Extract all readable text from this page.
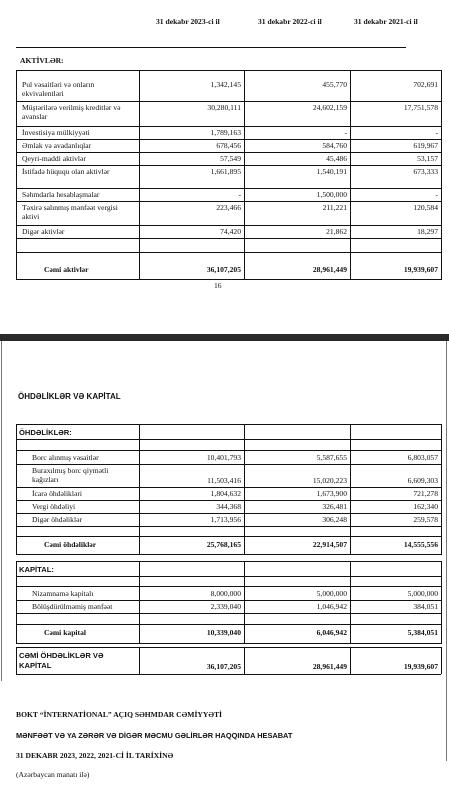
31 dekabr 2023-ci il	31 dekabr 2022-ci il	31 dekabr 2021-ci il
AKTİVLƏR:
Pul vəsaitləri və onların ekvivalentləri
1,342,145	455,770	702,691
Müştərilərə verilmiş kreditlər və avanslar
30,280,111	24,602,159	17,751,578
İnvestisiya mülkiyyəti	1,789,163	-	-
Əmlak və avadanlıqlar	678,456	584,760	619,967
Qeyri-maddi aktivlər	57,549	45,486	53,157
İstifadə hüququ olan aktivlər	1,661,895	1,540,191	673,333
Səhmdarla hesablaşmalar	-	1,500,000	-
Təxirə salınmış mənfəət vergisi aktivi
223,466	211,221	120,584
Digər aktivlər	74,420	21,862	18,297
Cəmi aktivlər	36,107,205	28,961,449	19,939,607
16
ÖHDƏLİKLƏR VƏ KAPİTAL
ÖHDƏLİKLƏR:
Borc alınmış vəsaitlər	10,401,793	5,587,655	6,803,057
Buraxılmış borc qiymətli kağızları	11,503,416	15,020,223	6,609,303
İcarə öhdəlikləri	1,804,632	1,673,900	721,278
Vergi öhdəliyi	344,368	326,481	162,340
Digər öhdəliklər	1,713,956	306,248	259,578
Cəmi öhdəliklər	25,768,165	22,914,507	14,555,556
KAPİTAL:
Nizamnamə kapitalı	8,000,000	5,000,000	5,000,000
Bölüşdürülməmiş mənfəət	2,339,040	1,046,942	384,051
Cəmi kapital	10,339,040	6,046,942	5,384,051
CƏMİ ÖHDƏLİKLƏR VƏ KAPİTAL	36,107,205	28,961,449	19,939,607
BOKT “İNTERNATİONAL” AÇIQ SƏHMDAR CƏMİYYƏTİ
MƏNFƏƏT VƏ YA ZƏRƏR VƏ DİGƏR MƏCMU GƏLİRLƏR HAQQINDA HESABAT
31 DEKABR 2023, 2022, 2021-Cİ İL TARİXİNƏ
(Azərbaycan manatı ilə)
